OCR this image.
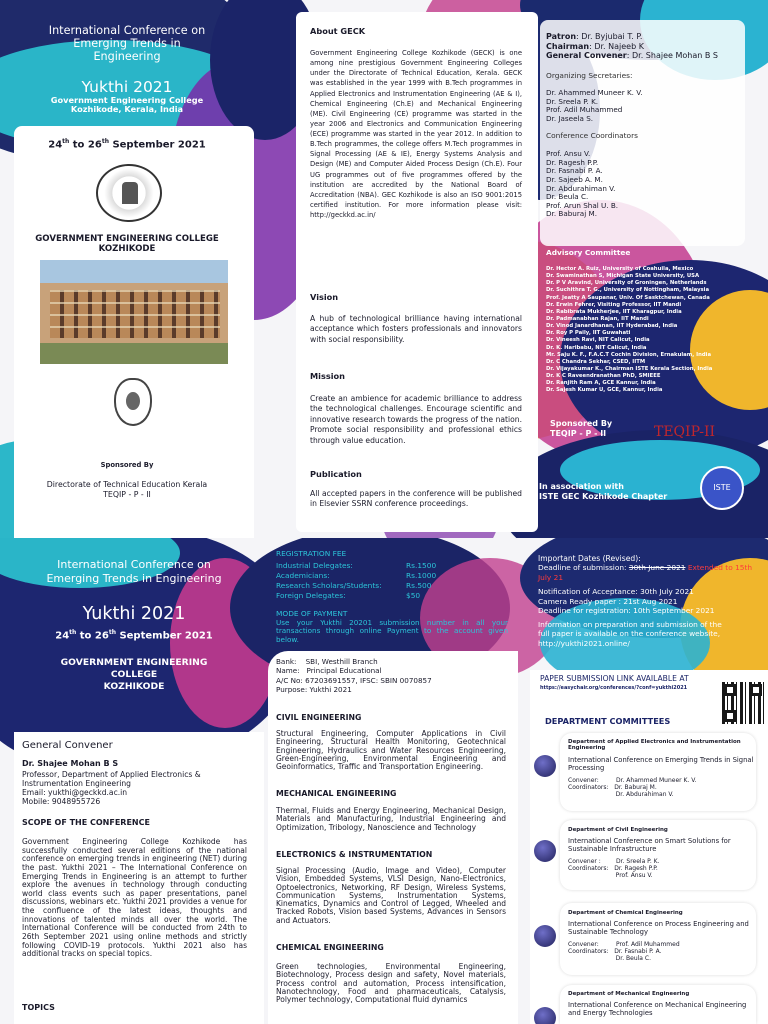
International Conference on
Emerging Trends in
Engineering
Yukthi 2021
Government Engineering College
Kozhikode, Kerala, India
24th to 26th September 2021
GOVERNMENT ENGINEERING COLLEGE
KOZHIKODE
Sponsored By
Directorate of Technical Education Kerala
TEQIP - P - II
About GECK
Government Engineering College Kozhikode (GECK) is one among nine prestigious Government Engineering Colleges under the Directorate of Technical Education, Kerala. GECK was established in the year 1999 with B.Tech programmes in Applied Electronics and Instrumentation Engineering (AE & I), Chemical Engineering (Ch.E) and Mechanical Engineering (ME). Civil Engineering (CE) programme was started in the year 2006 and Electronics and Communication Engineering (ECE) programme was started in the year 2012. In addition to B.Tech programmes, the college offers M.Tech programmes in Signal Processing (AE & IE), Energy Systems Analysis and Design (ME) and Computer Aided Process Design (Ch.E). Four UG programmes out of five programmes offered by the institution are accredited by the National Board of Accreditation (NBA). GEC Kozhikode is also an ISO 9001:2015 certified institution. For more information please visit: http://geckkd.ac.in/
Vision
A hub of technological brilliance having international acceptance which fosters professionals and innovators with social responsibility.
Mission
Create an ambience for academic brilliance to address the technological challenges. Encourage scientific and innovative research towards the progress of the nation. Promote social responsibility and professional ethics through value education.
Publication
All accepted papers in the conference will be published in Elsevier SSRN conference proceedings.
Patron: Dr. Byjubai T. P.
Chairman: Dr. Najeeb K
General Convener: Dr. Shajee Mohan B S
Organizing Secretaries:
Dr. Ahammed Muneer K. V.
Dr. Sreela P. K.
Prof. Adil Muhammed
Dr. Jaseela S.
Conference Coordinators
Prof. Ansu V.
Dr. Ragesh P.P.
Dr. Fasnabi P. A.
Dr. Sajeeb A. M.
Dr. Abdurahiman V.
Dr. Beula C.
Prof. Arun Shal U. B.
Dr. Baburaj M.
Advisory Committee
Dr. Hector A. Ruiz, University of Coahuila, Mexico
Dr. Swaminathan S, Michigan State University, USA
Dr. P V Aravind, University of Groningen, Netherlands
Dr. Suchithra T. G., University of Nottingham, Malaysia
Prof. Jeatty A Saupanar, Univ. Of Sasktchewan, Canada
Dr. Erwin Fehrer, Visiting Professor, IIT Mandi
Dr. Rabibrata Mukherjee, IIT Kharagpur, India
Dr. Padmanabhan Rajan, IIT Mandi
Dr. Vinod Janardhanan, IIT Hyderabad, India
Dr. Roy P Paily, IIT Guwahati
Dr. Vineesh Ravi, NIT Calicut, India
Dr. K. Haribabu, NIT Calicut, India
Mr. Saju K. F., F.A.C.T Cochin Division, Ernakulam, India
Dr. C Chandra Sekhar, CSED, IITM
Dr. Vijayakumar K., Chairman ISTE Kerala Section, India
Dr. K C Raveendranathan PhD, SMIEEE
Dr. Ranjith Ram A, GCE Kannur, India
Dr. Sajesh Kumar U, GCE, Kannur, India
Sponsored By
TEQIP - P - II	TEQIP-II
In association with
ISTE GEC Kozhikode Chapter
ISTE
International Conference on
Emerging Trends in Engineering
Yukthi 2021
24th to 26th September 2021
GOVERNMENT ENGINEERING
COLLEGE
KOZHIKODE
General Convener
Dr. Shajee Mohan B S
Professor, Department of Applied Electronics & Instrumentation Engineering
Email: yukthi@geckkd.ac.in
Mobile: 9048955726
SCOPE OF THE CONFERENCE
Government Engineering College Kozhikode has successfully conducted several editions of the national conference on emerging trends in engineering (NET) during the past. Yukthi 2021 – The International Conference on Emerging Trends in Engineering is an attempt to further explore the avenues in technology through conducting world class events such as paper presentations, panel discussions, webinars etc. Yukthi 2021 provides a venue for the confluence of the latest ideas, thoughts and innovations of talented minds all over the world. The International Conference will be conducted from 24th to 26th September 2021 using online methods and strictly following COVID-19 protocols. Yukthi 2021 also has additional tracks on special topics.
TOPICS
REGISTRATION FEE
Industrial Delegates:	Rs.1500
Academicians:	Rs.1000
Research Scholars/Students:	Rs.500
Foreign Delegates:	$50
MODE OF PAYMENT
Use your Yukthi 20201 submission number in all your transactions through online Payment to the account given below.
Bank:    SBI, Westhill Branch
Name:   Principal Educational
A/C No: 67203691557, IFSC: SBIN 0070857
Purpose: Yukthi 2021
CIVIL ENGINEERING
Structural Engineering, Computer Applications in Civil Engineering, Structural Health Monitoring, Geotechnical Engineering, Hydraulics and Water Resources Engineering, Green-Engineering, Environmental Engineering and Geoinformatics, Traffic and Transportation Engineering.
MECHANICAL ENGINEERING
Thermal, Fluids and Energy Engineering, Mechanical Design, Materials and Manufacturing, Industrial Engineering and Optimization, Tribology, Nanoscience and Technology
ELECTRONICS & INSTRUMENTATION
Signal Processing (Audio, Image and Video), Computer Vision, Embedded Systems, VLSI Design, Nano-Electronics, Optoelectronics, Networking, RF Design, Wireless Systems, Communication Systems, Instrumentation Systems, Kinematics, Dynamics and Control of Legged, Wheeled and Tracked Robots, Vision based Systems, Advances in Sensors and Actuators.
CHEMICAL ENGINEERING
Green technologies, Environmental Engineering, Biotechnology, Process design and safety, Novel materials, Process control and automation, Process intensification, Nanotechnology, Food and pharmaceuticals, Catalysis, Polymer technology, Computational fluid dynamics
Important Dates (Revised):
Deadline of submission: 30th June 2021 Extended to 15th July 21
Notification of Acceptance: 30th July 2021
Camera Ready paper : 21st Aug 2021
Deadline for registration: 10th September 2021
Information on preparation and submission of the full paper is available on the conference website,
http://yukthi2021.online/
PAPER SUBMISSION LINK AVAILABLE AT
https://easychair.org/conferences/?conf=yukthi2021
DEPARTMENT COMMITTEES
Department of Applied Electronics and Instrumentation Engineering
International Conference on Emerging Trends in Signal Processing
Convener:         Dr. Ahammed Muneer K. V.
Coordinators:   Dr. Baburaj M.
Dr. Abdurahiman V.
Department of Civil Engineering
International Conference on Smart Solutions for Sustainable Infrastructure
Convener :        Dr. Sreela P. K.
Coordinators:   Dr. Ragesh P.P.
Prof. Ansu V.
Department of Chemical Engineering
International Conference on Process Engineering and Sustainable Technology
Convener:         Prof. Adil Muhammed
Coordinators:   Dr. Fasnabi P. A.
Dr. Beula C.
Department of Mechanical Engineering
International Conference on Mechanical Engineering and Energy Technologies
